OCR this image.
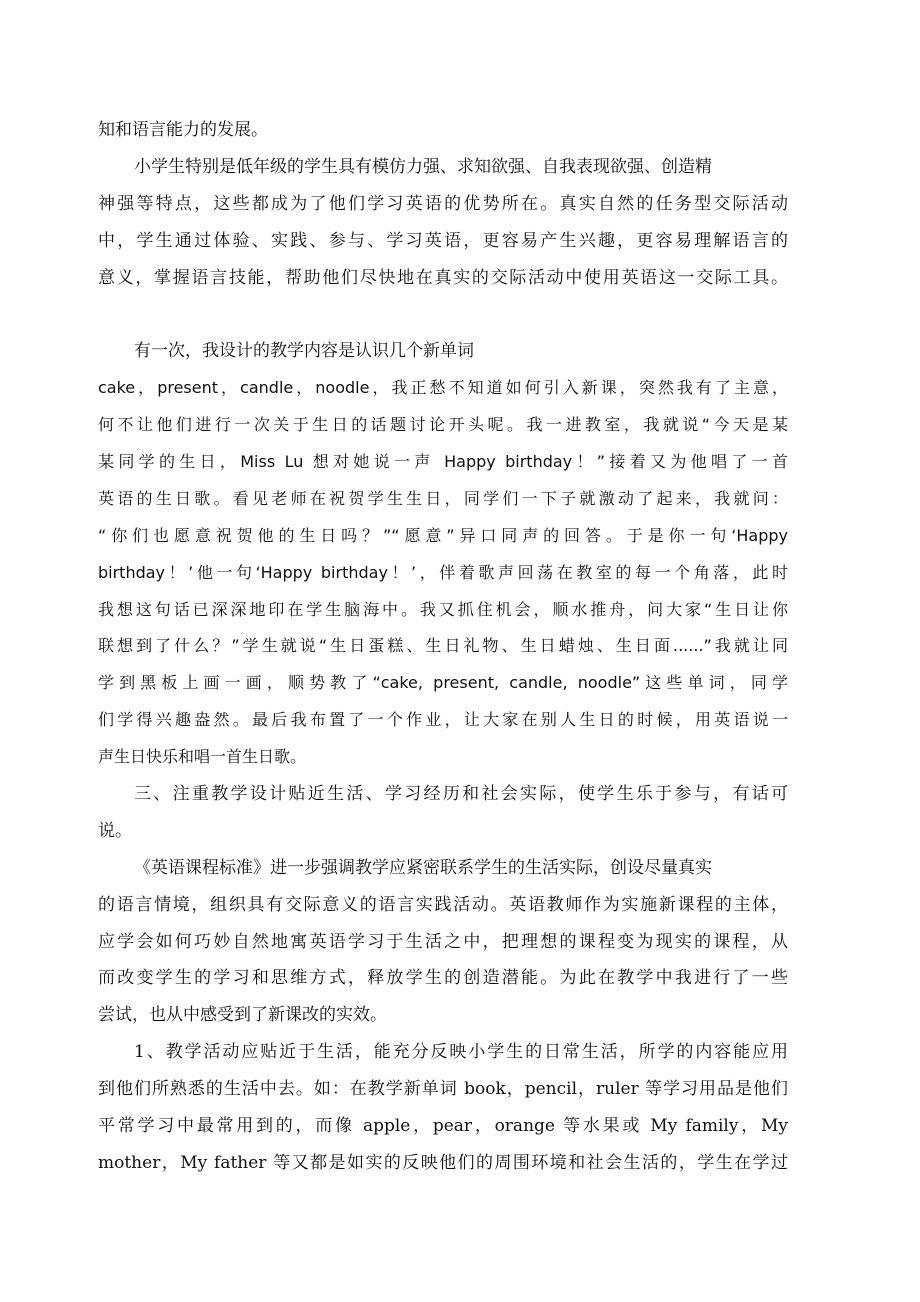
知和语言能力的发展。
小学生特别是低年级的学生具有模仿力强、求知欲强、自我表现欲强、创造精
神强等特点，这些都成为了他们学习英语的优势所在。真实自然的任务型交际活动
中，学生通过体验、实践、参与、学习英语，更容易产生兴趣，更容易理解语言的
意义，掌握语言技能，帮助他们尽快地在真实的交际活动中使用英语这一交际工具。
有一次，我设计的教学内容是认识几个新单词
cake，present，candle，noodle，我正愁不知道如何引入新课，突然我有了主意，
何不让他们进行一次关于生日的话题讨论开头呢。我一进教室，我就说“今天是某
某同学的生日，Miss Lu 想对她说一声 Happy birthday！”接着又为他唱了一首
英语的生日歌。看见老师在祝贺学生生日，同学们一下子就激动了起来，我就问：
“你们也愿意祝贺他的生日吗？”“愿意”异口同声的回答。于是你一句‘Happy
birthday！’他一句‘Happy birthday！’，伴着歌声回荡在教室的每一个角落，此时
我想这句话已深深地印在学生脑海中。我又抓住机会，顺水推舟，问大家“生日让你
联想到了什么？”学生就说“生日蛋糕、生日礼物、生日蜡烛、生日面......”我就让同
学到黑板上画一画，顺势教了“cake, present, candle, noodle”这些单词，同学
们学得兴趣盎然。最后我布置了一个作业，让大家在别人生日的时候，用英语说一
声生日快乐和唱一首生日歌。
三、注重教学设计贴近生活、学习经历和社会实际，使学生乐于参与，有话可
说。
《英语课程标准》进一步强调教学应紧密联系学生的生活实际，创设尽量真实
的语言情境，组织具有交际意义的语言实践活动。英语教师作为实施新课程的主体，
应学会如何巧妙自然地寓英语学习于生活之中，把理想的课程变为现实的课程，从
而改变学生的学习和思维方式，释放学生的创造潜能。为此在教学中我进行了一些
尝试，也从中感受到了新课改的实效。
1、教学活动应贴近于生活，能充分反映小学生的日常生活，所学的内容能应用
到他们所熟悉的生活中去。如：在教学新单词 book，pencil，ruler 等学习用品是他们
平常学习中最常用到的，而像 apple，pear，orange 等水果或 My family，My
mother，My father 等又都是如实的反映他们的周围环境和社会生活的，学生在学过
